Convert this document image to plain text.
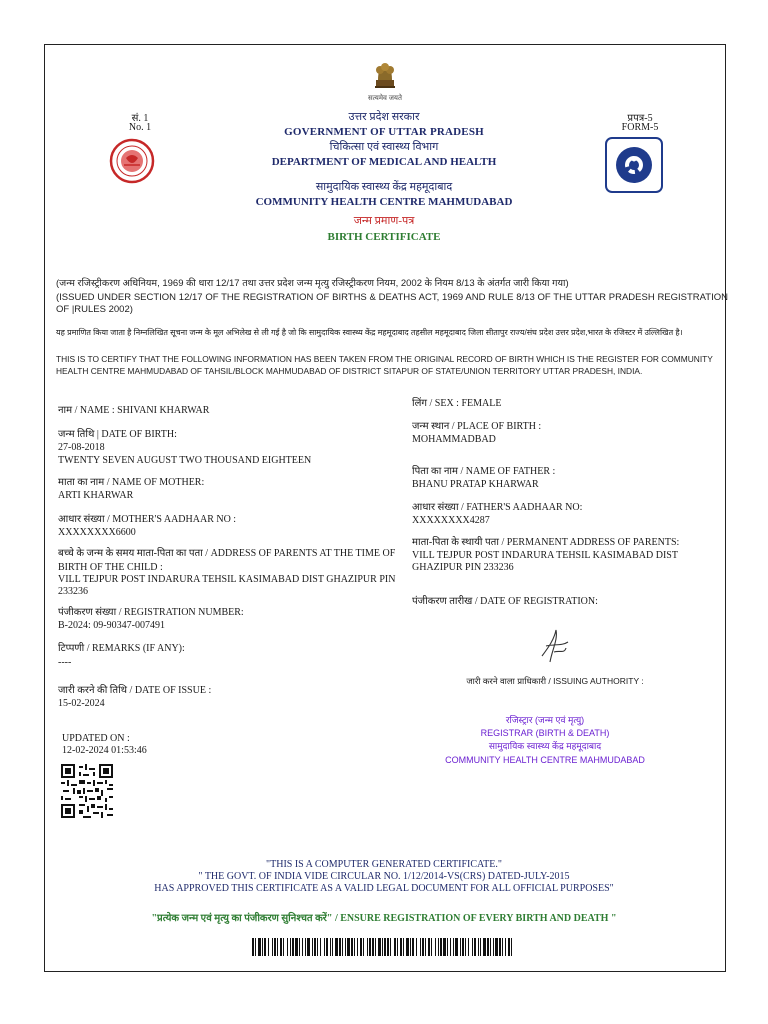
सत्यमेव जयते
सं. 1
No. 1
प्रपत्र-5
FORM-5
उत्तर प्रदेश सरकार
GOVERNMENT OF UTTAR PRADESH
चिकित्सा एवं स्वास्थ्य विभाग
DEPARTMENT OF MEDICAL AND HEALTH
सामुदायिक स्वास्थ्य केंद्र महमूदाबाद
COMMUNITY HEALTH CENTRE MAHMUDABAD
जन्म प्रमाण-पत्र
BIRTH CERTIFICATE
(जन्म रजिस्ट्रीकरण अधिनियम, 1969 की धारा 12/17 तथा उत्तर प्रदेश जन्म मृत्यु रजिस्ट्रीकरण नियम, 2002 के नियम 8/13 के अंतर्गत जारी किया गया)
(ISSUED UNDER SECTION 12/17 OF THE REGISTRATION OF BIRTHS & DEATHS ACT, 1969 AND RULE 8/13 OF THE UTTAR PRADESH REGISTRATION OF |RULES 2002)
यह प्रमाणित किया जाता है निम्नलिखित सूचना जन्म के मूल अभिलेख से ली गई है जो कि सामुदायिक स्वास्थ्य केंद्र महमूदाबाद तहसील महमूदाबाद जिला सीतापुर राज्य/संघ प्रदेश उत्तर प्रदेश,भारत के रजिस्टर में उल्लिखित है।
THIS IS TO CERTIFY THAT THE FOLLOWING INFORMATION HAS BEEN TAKEN FROM THE ORIGINAL RECORD OF BIRTH WHICH IS THE REGISTER FOR COMMUNITY HEALTH CENTRE MAHMUDABAD OF TAHSIL/BLOCK MAHMUDABAD OF DISTRICT SITAPUR OF STATE/UNION TERRITORY UTTAR PRADESH, INDIA.
नाम / NAME : SHIVANI KHARWAR
जन्म तिथि | DATE OF BIRTH:
27-08-2018
TWENTY SEVEN AUGUST TWO THOUSAND EIGHTEEN
माता का नाम / NAME OF MOTHER:
ARTI KHARWAR
आधार संख्या / MOTHER'S AADHAAR NO :
XXXXXXXX6600
बच्चे के जन्म के समय माता-पिता का पता / ADDRESS OF PARENTS AT THE TIME OF BIRTH OF THE CHILD :
VILL TEJPUR POST INDARURA TEHSIL KASIMABAD DIST GHAZIPUR PIN 233236
पंजीकरण संख्या / REGISTRATION NUMBER:
B-2024: 09-90347-007491
टिप्पणी / REMARKS (IF ANY):
----
जारी करने की तिथि / DATE OF ISSUE :
15-02-2024
UPDATED ON :
12-02-2024 01:53:46
लिंग / SEX : FEMALE
जन्म स्थान / PLACE OF BIRTH :
MOHAMMADBAD
पिता का नाम / NAME OF FATHER :
BHANU PRATAP KHARWAR
आधार संख्या / FATHER'S AADHAAR NO:
XXXXXXXX4287
माता-पिता के स्थायी पता / PERMANENT ADDRESS OF PARENTS:
VILL TEJPUR POST INDARURA TEHSIL KASIMABAD DIST GHAZIPUR PIN 233236
पंजीकरण तारीख / DATE OF REGISTRATION:
जारी करने वाला प्राधिकारी / ISSUING AUTHORITY :
रजिस्ट्रार (जन्म एवं मृत्यु)
REGISTRAR (BIRTH & DEATH)
सामुदायिक स्वास्थ्य केंद्र महमूदाबाद
COMMUNITY HEALTH CENTRE MAHMUDABAD
"THIS IS A COMPUTER GENERATED CERTIFICATE."
" THE GOVT. OF INDIA VIDE CIRCULAR NO. 1/12/2014-VS(CRS) DATED-JULY-2015
HAS APPROVED THIS CERTIFICATE AS A VALID LEGAL DOCUMENT FOR ALL OFFICIAL PURPOSES"
"प्रत्येक जन्म एवं मृत्यु का पंजीकरण सुनिश्चत करें" / ENSURE REGISTRATION OF EVERY BIRTH AND DEATH "
